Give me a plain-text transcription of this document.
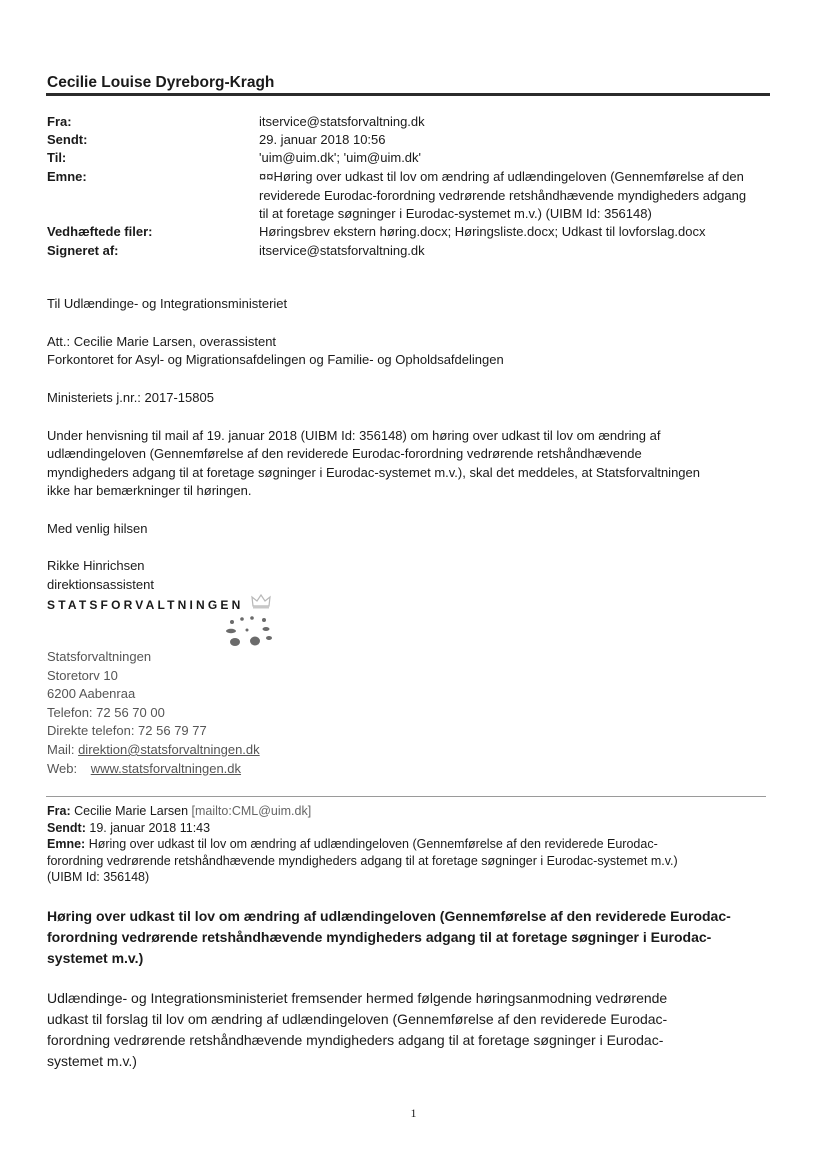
Cecilie Louise Dyreborg-Kragh
Fra:	itservice@statsforvaltning.dk
Sendt:	29. januar 2018 10:56
Til:	'uim@uim.dk'; 'uim@uim.dk'
Emne:	¤¤Høring over udkast til lov om ændring af udlændingeloven (Gennemførelse af den reviderede Eurodac-forordning vedrørende retshåndhævende myndigheders adgang til at foretage søgninger i Eurodac-systemet m.v.) (UIBM Id: 356148)
Vedhæftede filer:	Høringsbrev ekstern høring.docx; Høringsliste.docx; Udkast til lovforslag.docx
Signeret af:	itservice@statsforvaltning.dk
Til Udlændinge- og Integrationsministeriet
Att.: Cecilie Marie Larsen, overassistent
Forkontoret for Asyl- og Migrationsafdelingen og Familie- og Opholdsafdelingen
Ministeriets j.nr.: 2017-15805
Under henvisning til mail af 19. januar 2018 (UIBM Id: 356148) om høring over udkast til lov om ændring af
udlændingeloven (Gennemførelse af den reviderede Eurodac-forordning vedrørende retshåndhævende
myndigheders adgang til at foretage søgninger i Eurodac-systemet m.v.), skal det meddeles, at Statsforvaltningen
ikke har bemærkninger til høringen.
Med venlig hilsen
Rikke Hinrichsen
direktionsassistent
STATSFORVALTNINGEN
Statsforvaltningen
Storetorv 10
6200 Aabenraa
Telefon: 72 56 70 00
Direkte telefon: 72 56 79 77
Mail: direktion@statsforvaltningen.dk
Web: www.statsforvaltningen.dk
Fra: Cecilie Marie Larsen [mailto:CML@uim.dk]
Sendt: 19. januar 2018 11:43
Emne: Høring over udkast til lov om ændring af udlændingeloven (Gennemførelse af den reviderede Eurodac-
forordning vedrørende retshåndhævende myndigheders adgang til at foretage søgninger i Eurodac-systemet m.v.)
(UIBM Id: 356148)
Høring over udkast til lov om ændring af udlændingeloven (Gennemførelse af den reviderede Eurodac-
forordning vedrørende retshåndhævende myndigheders adgang til at foretage søgninger i Eurodac-
systemet m.v.)
Udlændinge- og Integrationsministeriet fremsender hermed følgende høringsanmodning vedrørende
udkast til forslag til lov om ændring af udlændingeloven (Gennemførelse af den reviderede Eurodac-
forordning vedrørende retshåndhævende myndigheders adgang til at foretage søgninger i Eurodac-
systemet m.v.)
1
